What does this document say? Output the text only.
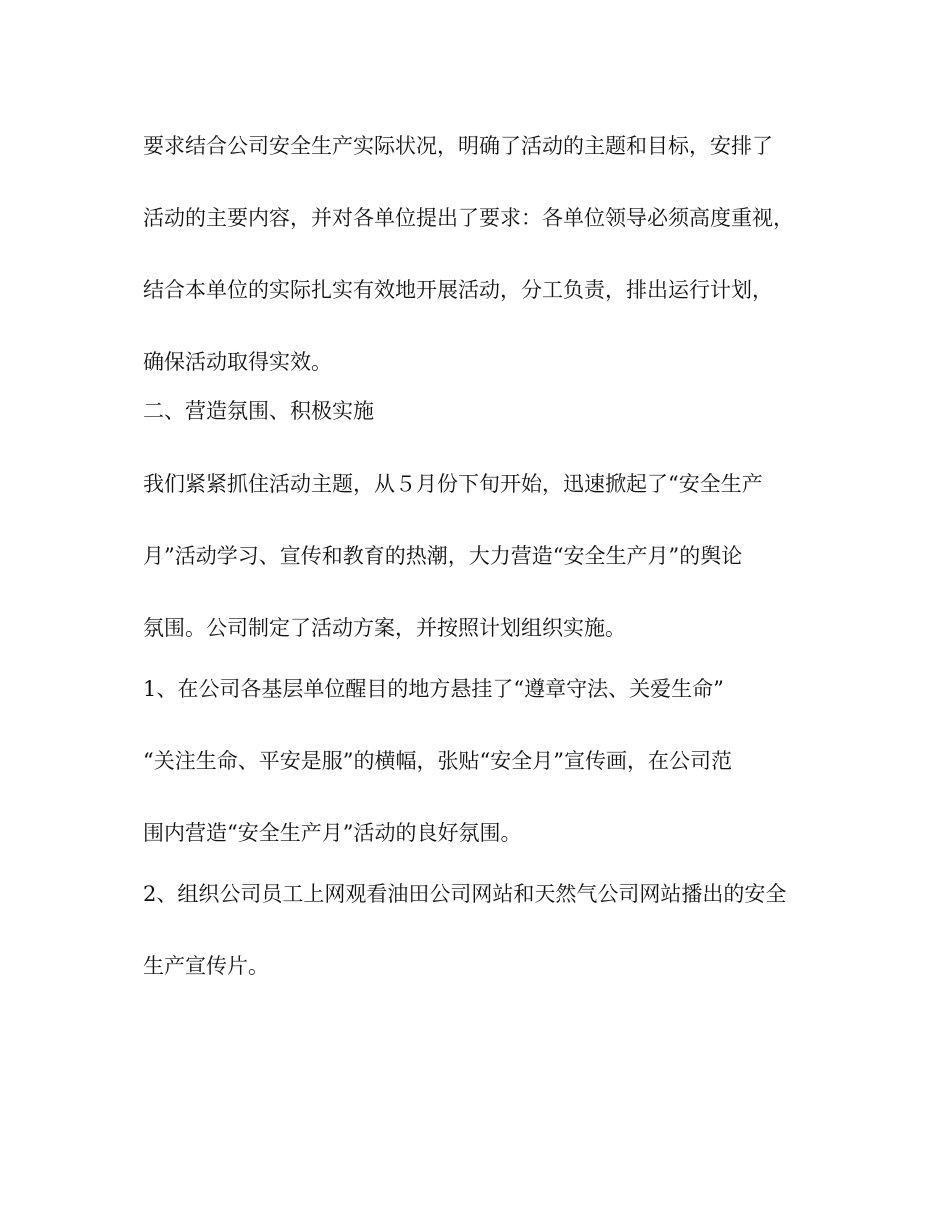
要求结合公司安全生产实际状况，明确了活动的主题和目标，安排了
活动的主要内容，并对各单位提出了要求：各单位领导必须高度重视，
结合本单位的实际扎实有效地开展活动，分工负责，排出运行计划，
确保活动取得实效。
二、营造氛围、积极实施
我们紧紧抓住活动主题，从５月份下旬开始，迅速掀起了“安全生产
月”活动学习、宣传和教育的热潮，大力营造“安全生产月”的舆论
氛围。公司制定了活动方案，并按照计划组织实施。
1、在公司各基层单位醒目的地方悬挂了“遵章守法、关爱生命”
“关注生命、平安是服”的横幅，张贴“安全月”宣传画，在公司范
围内营造“安全生产月”活动的良好氛围。
2、组织公司员工上网观看油田公司网站和天然气公司网站播出的安全
生产宣传片。
